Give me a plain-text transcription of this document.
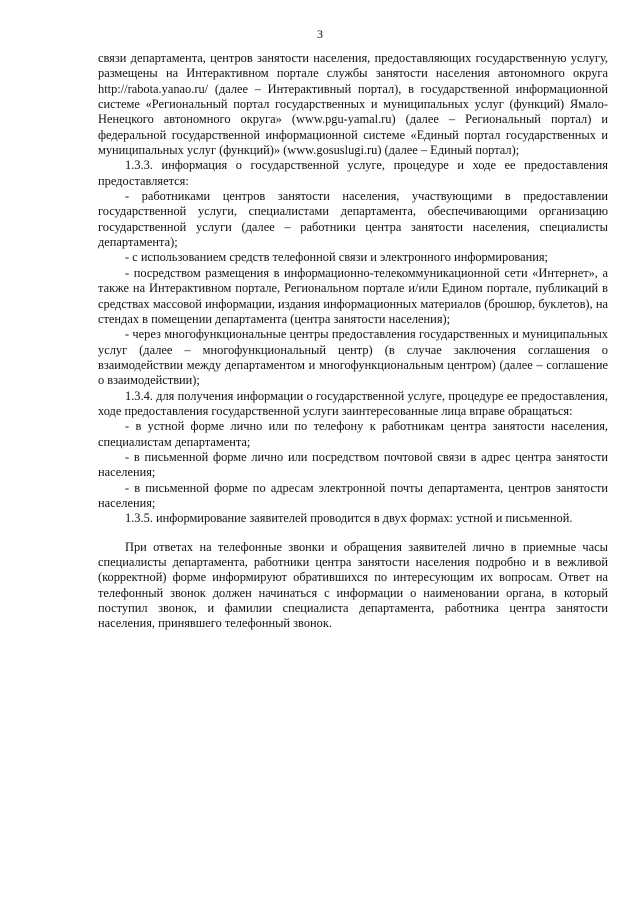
3

связи департамента, центров занятости населения, предоставляющих государственную услугу, размещены на Интерактивном портале службы занятости населения автономного округа http://rabota.yanao.ru/ (далее – Интерактивный портал), в государственной информационной системе «Региональный портал государственных и муниципальных услуг (функций) Ямало-Ненецкого автономного округа» (www.pgu-yamal.ru) (далее – Региональный портал) и федеральной государственной информационной системе «Единый портал государственных и муниципальных услуг (функций)» (www.gosuslugi.ru) (далее – Единый портал);

1.3.3. информация о государственной услуге, процедуре и ходе ее предоставления предоставляется:

- работниками центров занятости населения, участвующими в предоставлении государственной услуги, специалистами департамента, обеспечивающими организацию государственной услуги (далее – работники центра занятости населения, специалисты департамента);

- с использованием средств телефонной связи и электронного информирования;

- посредством размещения в информационно-телекоммуникационной сети «Интернет», а также на Интерактивном портале, Региональном портале и/или Едином портале, публикаций в средствах массовой информации, издания информационных материалов (брошюр, буклетов), на стендах в помещении департамента (центра занятости населения);

- через многофункциональные центры предоставления государственных и муниципальных услуг (далее – многофункциональный центр) (в случае заключения соглашения о взаимодействии между департаментом и многофункциональным центром) (далее – соглашение о взаимодействии);

1.3.4. для получения информации о государственной услуге, процедуре ее предоставления, ходе предоставления государственной услуги заинтересованные лица вправе обращаться:

- в устной форме лично или по телефону к работникам центра занятости населения, специалистам департамента;

- в письменной форме лично или посредством почтовой связи в адрес центра занятости населения;

- в письменной форме по адресам электронной почты департамента, центров занятости населения;

1.3.5. информирование заявителей проводится в двух формах: устной и письменной.

При ответах на телефонные звонки и обращения заявителей лично в приемные часы специалисты департамента, работники центра занятости населения подробно и в вежливой (корректной) форме информируют обратившихся по интересующим их вопросам. Ответ на телефонный звонок должен начинаться с информации о наименовании органа, в который поступил звонок, и фамилии специалиста департамента, работника центра занятости населения, принявшего телефонный звонок.
